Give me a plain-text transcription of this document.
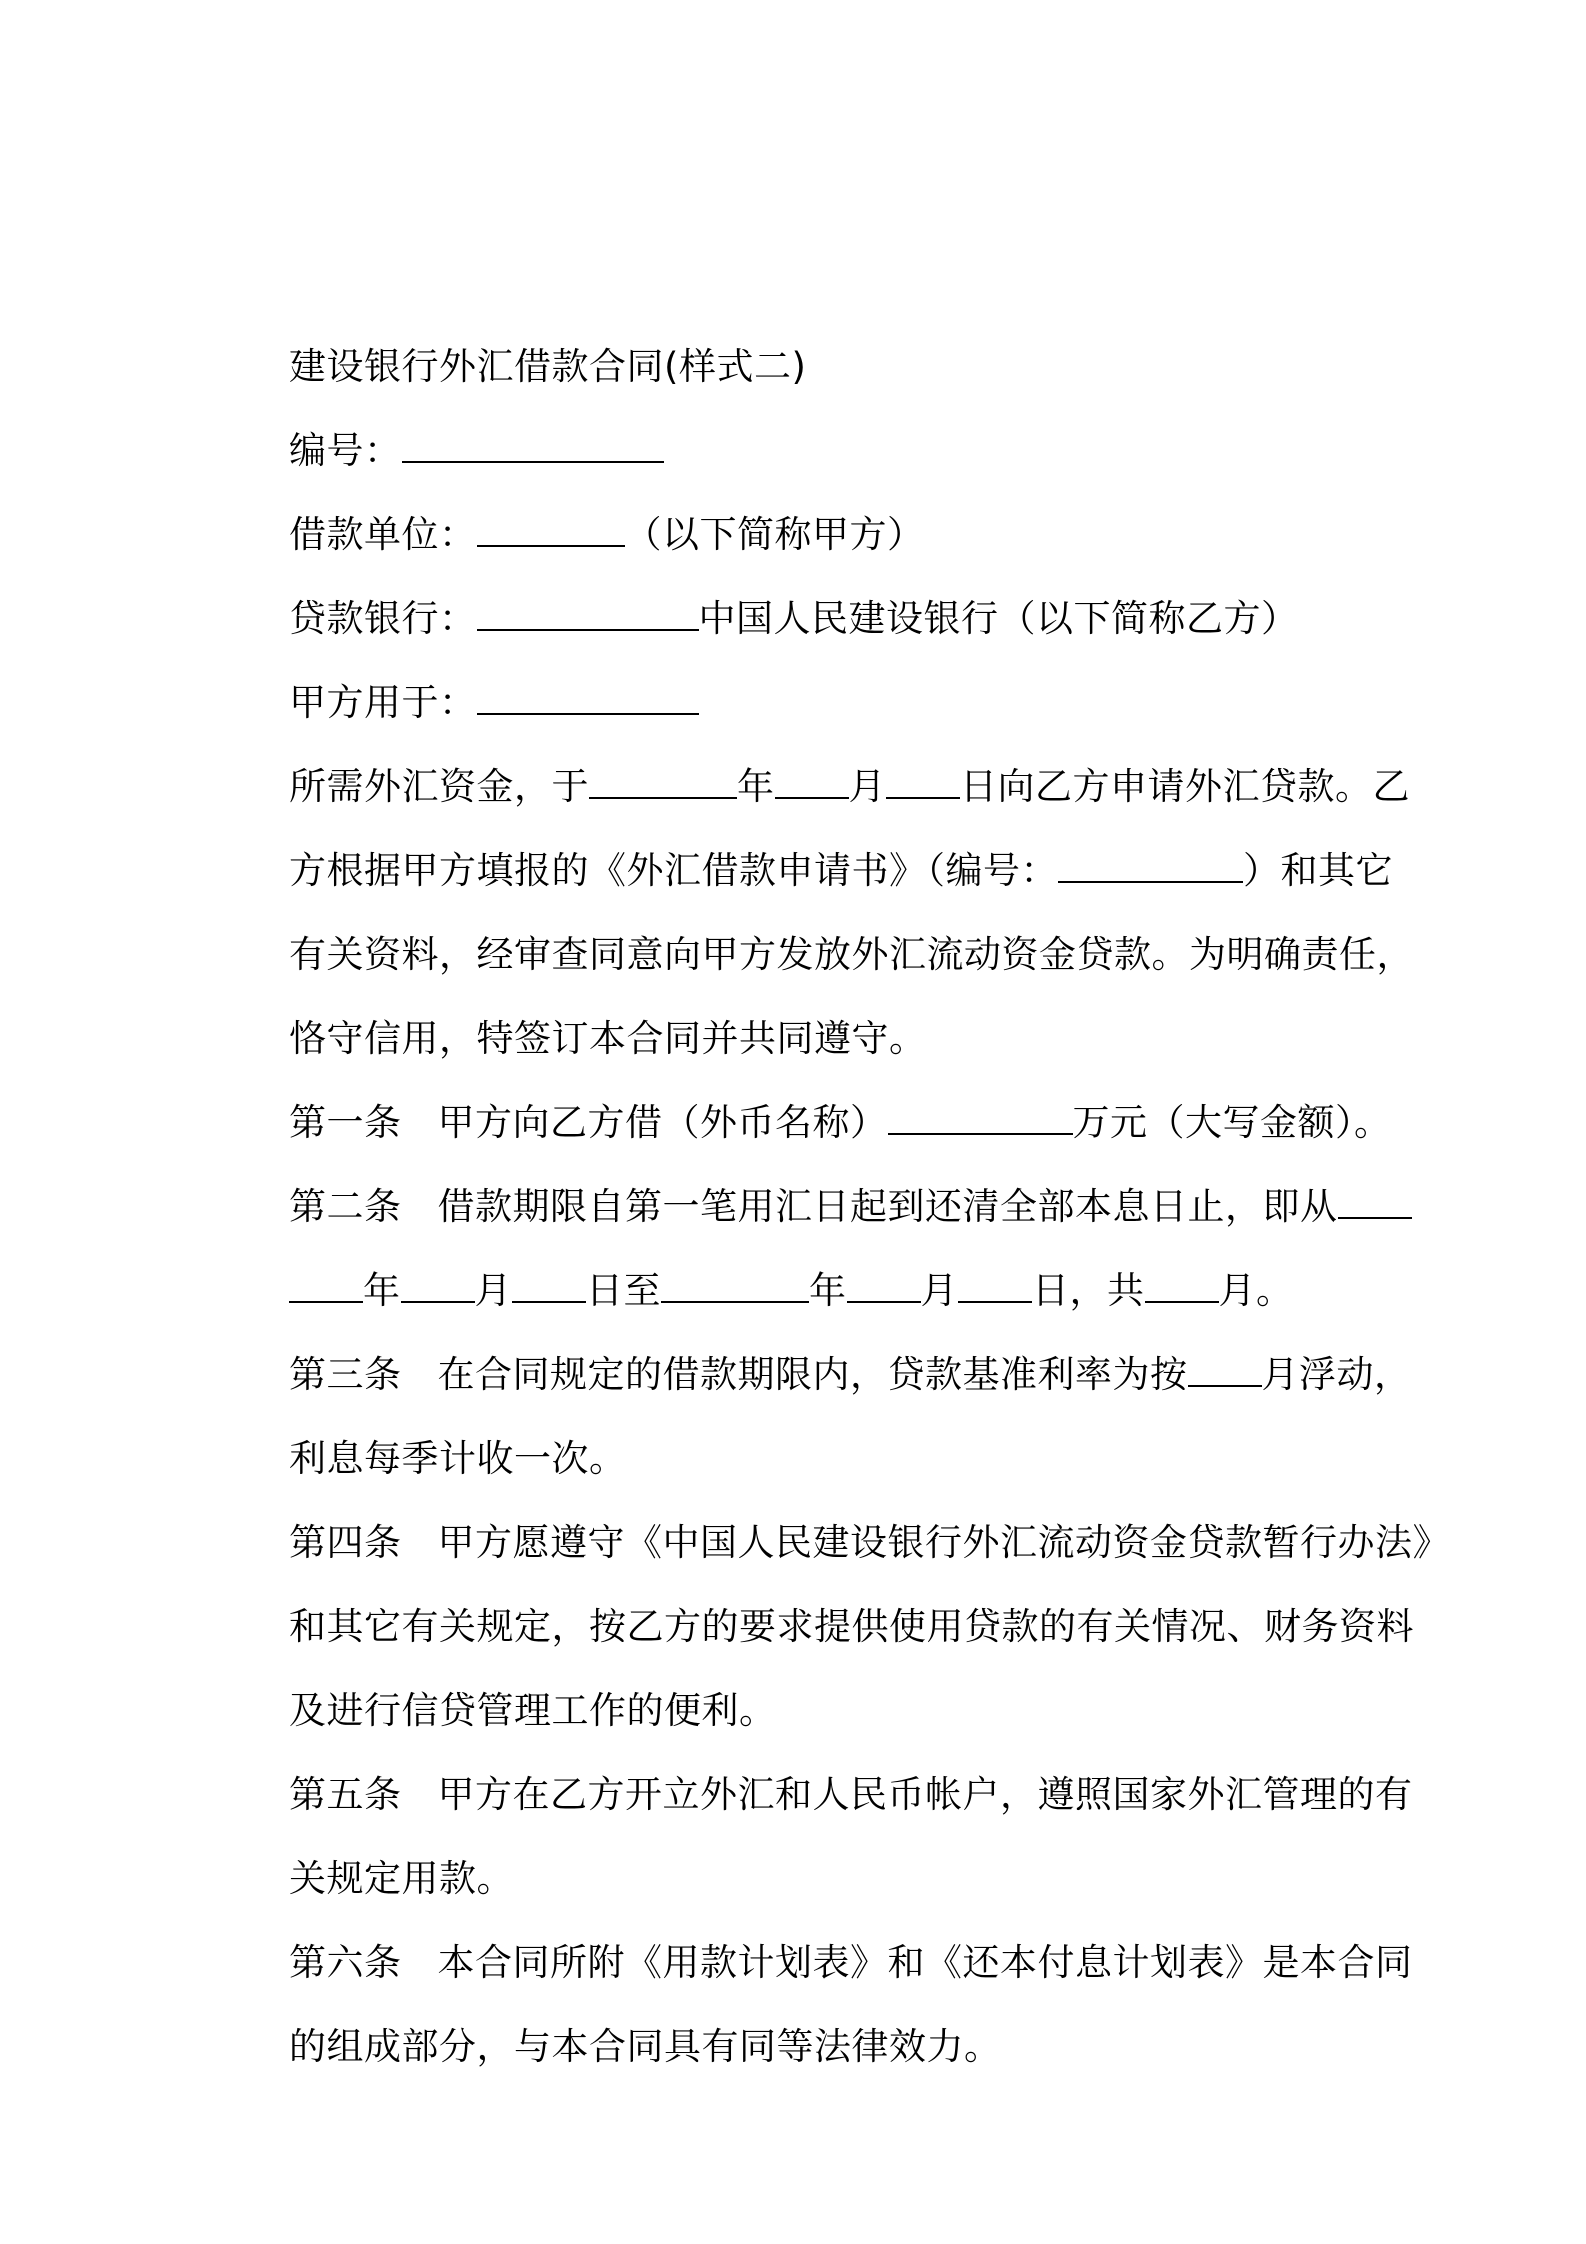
建设银行外汇借款合同(样式二)

编号：

借款单位：	（以下简称甲方）

贷款银行：	中国人民建设银行（以下简称乙方）

甲方用于：

所需外汇资金，于	年 月 日向乙方申请外汇贷款。乙

方根据甲方填报的《外汇借款申请书》（编号：	）和其它

有关资料，经审查同意向甲方发放外汇流动资金贷款。为明确责任，

恪守信用，特签订本合同并共同遵守。

第一条 甲方向乙方借（外币名称）	万元（大写金额）。

第二条 借款期限自第一笔用汇日起到还清全部本息日止，即从

年 月 日至	年 月 日，共 月。

第三条 在合同规定的借款期限内，贷款基准利率为按 月浮动，

利息每季计收一次。

第四条 甲方愿遵守《中国人民建设银行外汇流动资金贷款暂行办法》

和其它有关规定，按乙方的要求提供使用贷款的有关情况、财务资料

及进行信贷管理工作的便利。

第五条 甲方在乙方开立外汇和人民币帐户，遵照国家外汇管理的有

关规定用款。

第六条 本合同所附《用款计划表》和《还本付息计划表》是本合同

的组成部分，与本合同具有同等法律效力。
